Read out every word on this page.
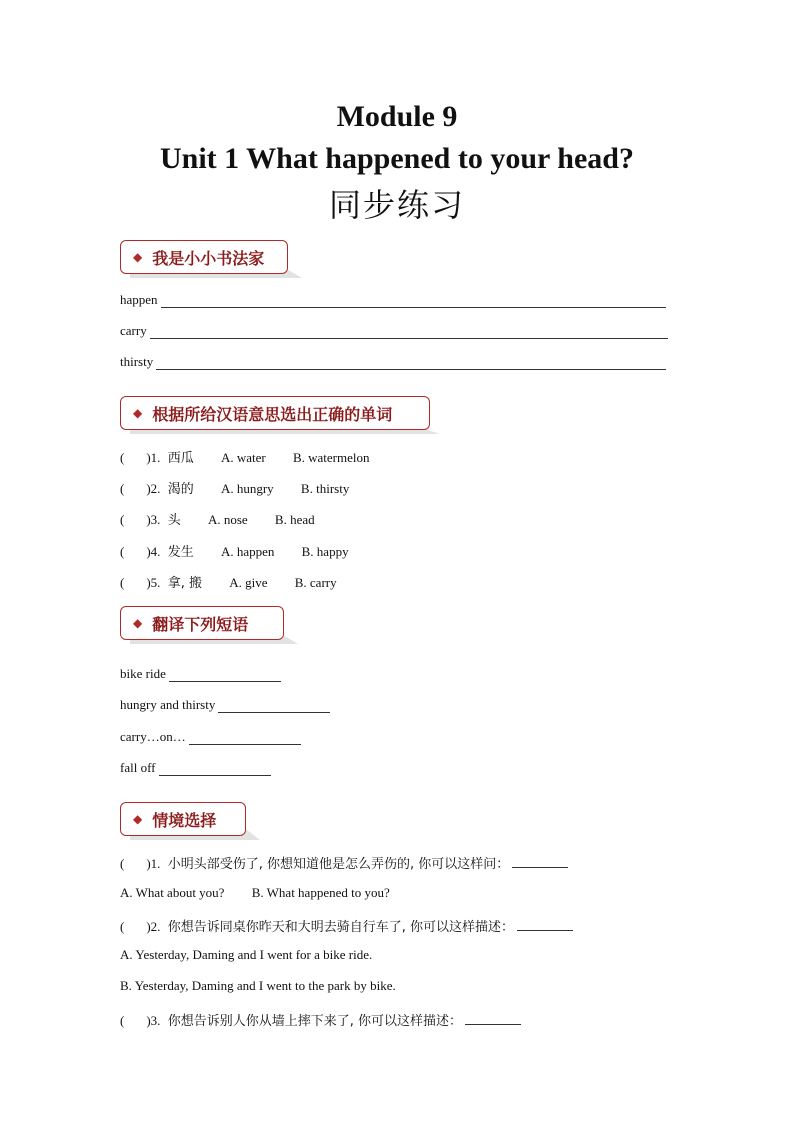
Module 9
Unit 1 What happened to your head?
同步练习
◆ 我是小小书法家
happen
carry
thirsty
◆ 根据所给汉语意思选出正确的单词
( )1. 西瓜 A. water B. watermelon
( )2. 渴的 A. hungry B. thirsty
( )3. 头 A. nose B. head
( )4. 发生 A. happen B. happy
( )5. 拿, 搬 A. give B. carry
◆ 翻译下列短语
bike ride
hungry and thirsty
carry…on…
fall off
◆ 情境选择
( )1. 小明头部受伤了, 你想知道他是怎么弄伤的, 你可以这样问：
A. What about you? B. What happened to you?
( )2. 你想告诉同桌你昨天和大明去骑自行车了, 你可以这样描述：
A. Yesterday, Daming and I went for a bike ride.
B. Yesterday, Daming and I went to the park by bike.
( )3. 你想告诉别人你从墙上摔下来了, 你可以这样描述：
